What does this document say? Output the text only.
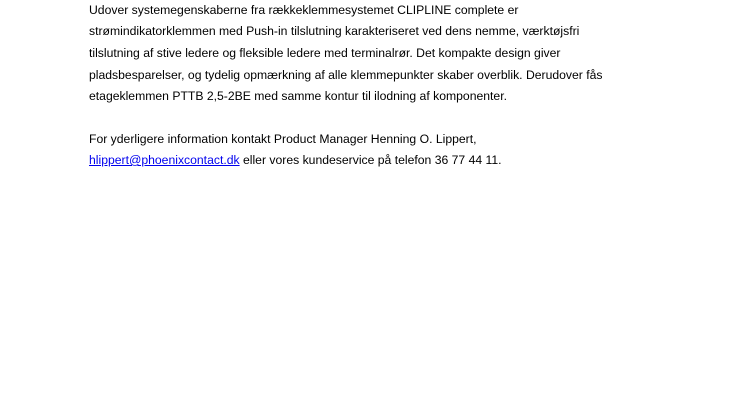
Udover systemegenskaberne fra rækkeklemmesystemet CLIPLINE complete er
strømindikatorklemmen med Push-in tilslutning karakteriseret ved dens nemme, værktøjsfri
tilslutning af stive ledere og fleksible ledere med terminalrør. Det kompakte design giver
pladsbesparelser, og tydelig opmærkning af alle klemmepunkter skaber overblik. Derudover fås
etageklemmen PTTB 2,5-2BE med samme kontur til ilodning af komponenter.
For yderligere information kontakt Product Manager Henning O. Lippert,
hlippert@phoenixcontact.dk eller vores kundeservice på telefon 36 77 44 11.
